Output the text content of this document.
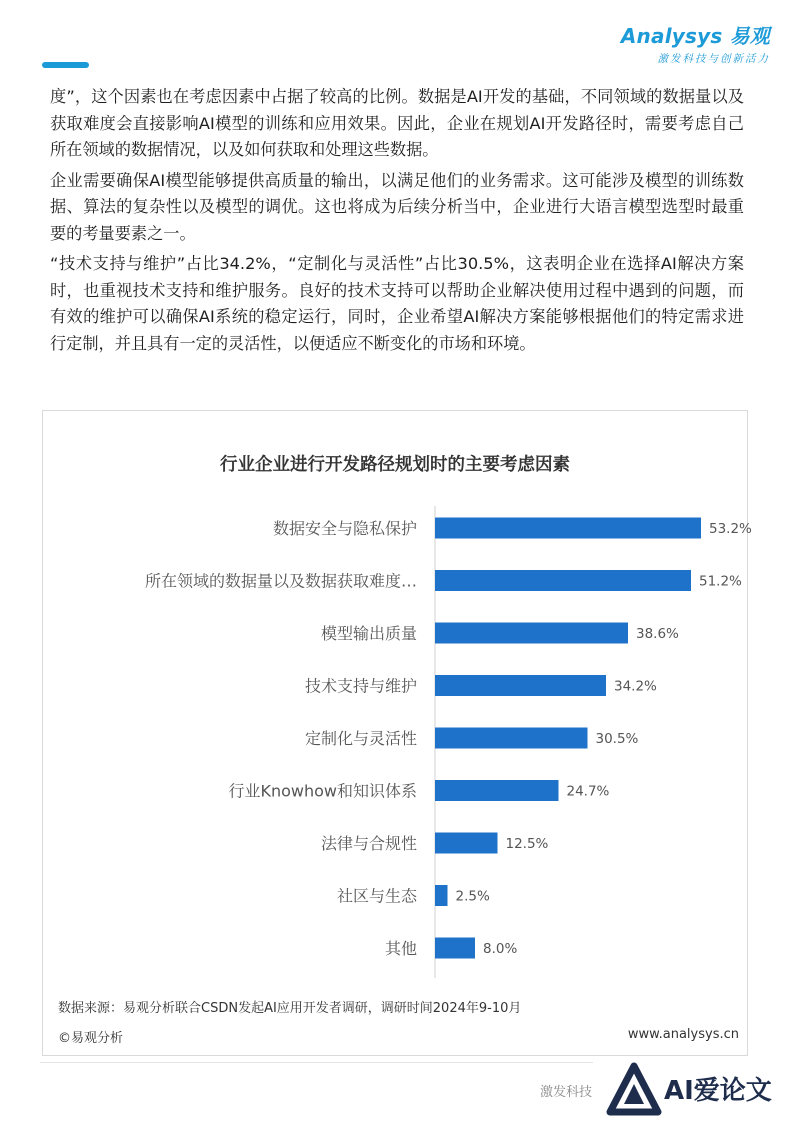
Analysys 易观
激发科技与创新活力

度”，这个因素也在考虑因素中占据了较高的比例。数据是AI开发的基础，不同领域的数据量以及获取难度会直接影响AI模型的训练和应用效果。因此，企业在规划AI开发路径时，需要考虑自己所在领域的数据情况，以及如何获取和处理这些数据。

企业需要确保AI模型能够提供高质量的输出，以满足他们的业务需求。这可能涉及模型的训练数据、算法的复杂性以及模型的调优。这也将成为后续分析当中，企业进行大语言模型选型时最重要的考量要素之一。

“技术支持与维护”占比34.2%，“定制化与灵活性”占比30.5%，这表明企业在选择AI解决方案时，也重视技术支持和维护服务。良好的技术支持可以帮助企业解决使用过程中遇到的问题，而有效的维护可以确保AI系统的稳定运行，同时，企业希望AI解决方案能够根据他们的特定需求进行定制，并且具有一定的灵活性，以便适应不断变化的市场和环境。

行业企业进行开发路径规划时的主要考虑因素
数据安全与隐私保护	53.2%
所在领域的数据量以及数据获取难度…	51.2%
模型输出质量	38.6%
技术支持与维护	34.2%
定制化与灵活性	30.5%
行业Knowhow和知识体系	24.7%
法律与合规性	12.5%
社区与生态	2.5%
其他	8.0%
数据来源：易观分析联合CSDN发起AI应用开发者调研，调研时间2024年9-10月
©易观分析	www.analysys.cn
激发科技	AI爱论文
